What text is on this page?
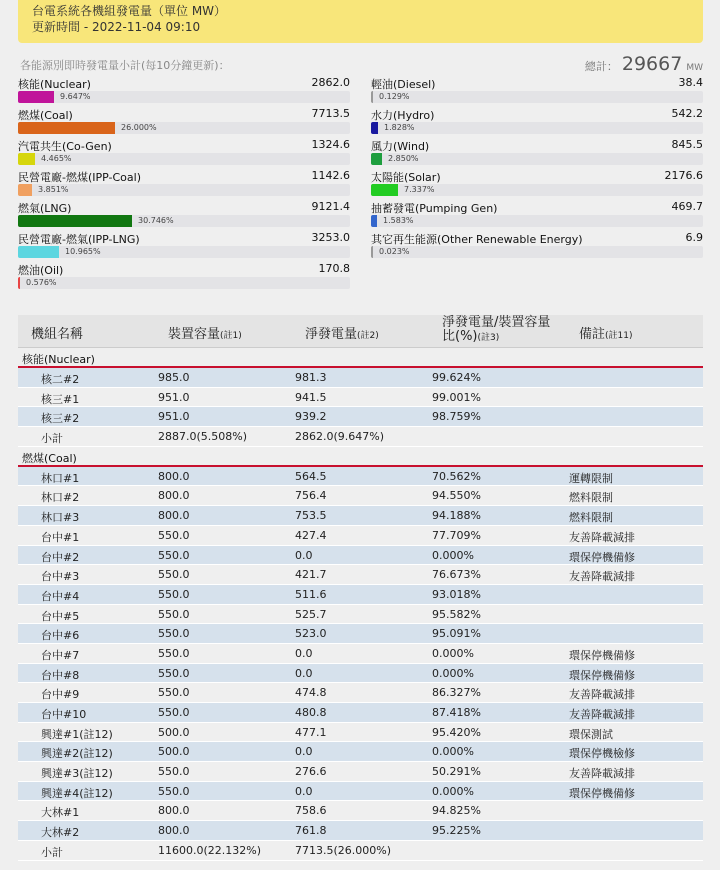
台電系統各機組發電量（單位 MW）
更新時間 - 2022-11-04 09:10
各能源別即時發電量小計(每10分鐘更新)：	總計： 29667 MW
核能(Nuclear)	2862.0
9.647%
燃煤(Coal)	7713.5
26.000%
汽電共生(Co-Gen)	1324.6
4.465%
民營電廠-燃煤(IPP-Coal)	1142.6
3.851%
燃氣(LNG)	9121.4
30.746%
民營電廠-燃氣(IPP-LNG)	3253.0
10.965%
燃油(Oil)	170.8
0.576%
輕油(Diesel)	38.4
0.129%
水力(Hydro)	542.2
1.828%
風力(Wind)	845.5
2.850%
太陽能(Solar)	2176.6
7.337%
抽蓄發電(Pumping Gen)	469.7
1.583%
其它再生能源(Other Renewable Energy)	6.9
0.023%
機組名稱	裝置容量(註1)	淨發電量(註2)
淨發電量/裝置容量
比(%)(註3)	備註(註11)
核能(Nuclear)
核二#2	985.0	981.3	99.624%
核三#1	951.0	941.5	99.001%
核三#2	951.0	939.2	98.759%
小計	2887.0(5.508%)	2862.0(9.647%)
燃煤(Coal)
林口#1	800.0	564.5	70.562%	運轉限制
林口#2	800.0	756.4	94.550%	燃料限制
林口#3	800.0	753.5	94.188%	燃料限制
台中#1	550.0	427.4	77.709%	友善降載減排
台中#2	550.0	0.0	0.000%	環保停機備修
台中#3	550.0	421.7	76.673%	友善降載減排
台中#4	550.0	511.6	93.018%
台中#5	550.0	525.7	95.582%
台中#6	550.0	523.0	95.091%
台中#7	550.0	0.0	0.000%	環保停機備修
台中#8	550.0	0.0	0.000%	環保停機備修
台中#9	550.0	474.8	86.327%	友善降載減排
台中#10	550.0	480.8	87.418%	友善降載減排
興達#1(註12)	500.0	477.1	95.420%	環保測試
興達#2(註12)	500.0	0.0	0.000%	環保停機檢修
興達#3(註12)	550.0	276.6	50.291%	友善降載減排
興達#4(註12)	550.0	0.0	0.000%	環保停機備修
大林#1	800.0	758.6	94.825%
大林#2	800.0	761.8	95.225%
小計	11600.0(22.132%)	7713.5(26.000%)
